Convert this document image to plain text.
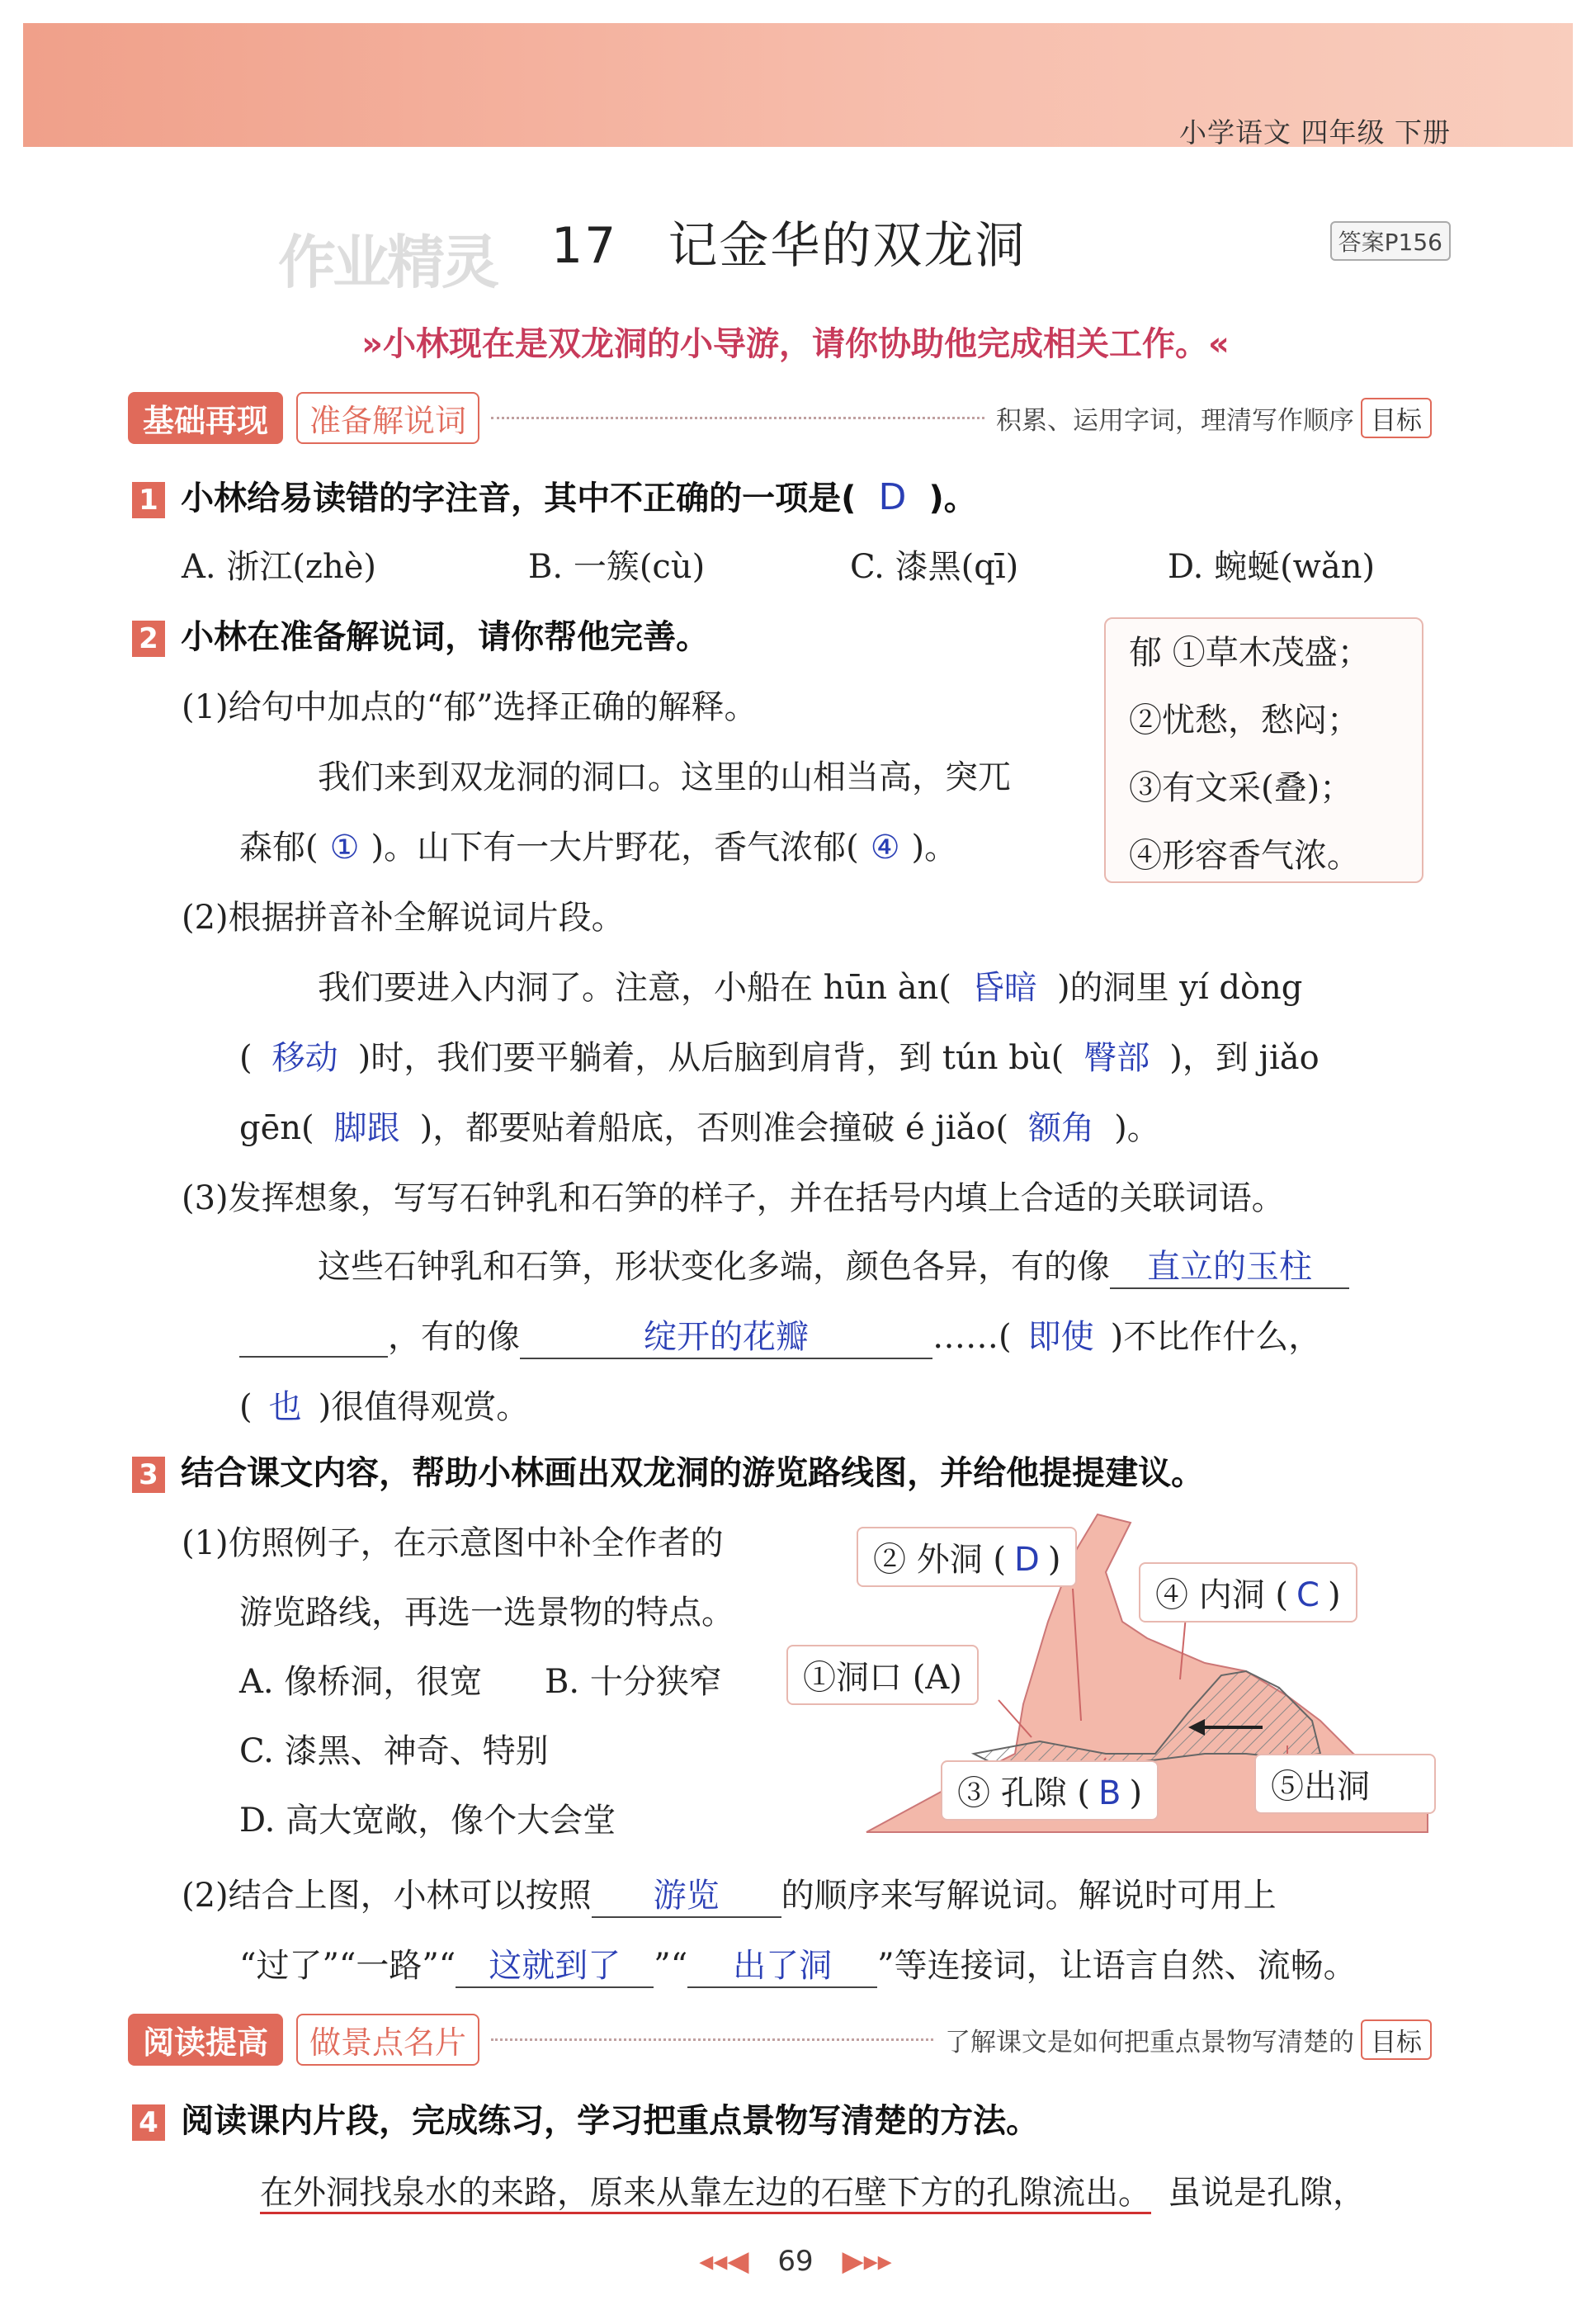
小学语文 四年级 下册
作业精灵 17 记金华的双龙洞	答案P156
»小林现在是双龙洞的小导游，请你协助他完成相关工作。«
基础再现	准备解说词	积累、运用字词，理清写作顺序 目标
1 小林给易读错的字注音，其中不正确的一项是( D )。
A. 浙江(zhè)	B. 一簇(cù)	C. 漆黑(qī)	D. 蜿蜒(wǎn)
2 小林在准备解说词，请你帮他完善。
(1)给句中加点的“郁”选择正确的解释。
我们来到双龙洞的洞口。这里的山相当高，突兀
森郁( ① )。山下有一大片野花，香气浓郁( ④ )。
郁 ①草木茂盛；
②忧愁，愁闷；
③有文采(叠)；
④形容香气浓。
(2)根据拼音补全解说词片段。
我们要进入内洞了。注意，小船在 hūn àn( 昏暗 )的洞里 yí dòng
( 移动 )时，我们要平躺着，从后脑到肩背，到 tún bù( 臀部 )，到 jiǎo
gēn( 脚跟 )，都要贴着船底，否则准会撞破 é jiǎo( 额角 )。
(3)发挥想象，写写石钟乳和石笋的样子，并在括号内填上合适的关联词语。
这些石钟乳和石笋，形状变化多端，颜色各异，有的像 直立的玉柱
，有的像	绽开的花瓣	……( 即使 )不比作什么，
( 也 )很值得观赏。
3 结合课文内容，帮助小林画出双龙洞的游览路线图，并给他提提建议。
(1)仿照例子，在示意图中补全作者的
游览路线，再选一选景物的特点。
A. 像桥洞，很宽 B. 十分狭窄
C. 漆黑、神奇、特别
D. 高大宽敞，像个大会堂
② 外洞 ( D )
④ 内洞 ( C )
①洞口 (A)
③ 孔隙 ( B )	⑤出洞
(2)结合上图，小林可以按照 游览 的顺序来写解说词。解说时可用上
“过了”“一路”“ 这就到了 ”“ 出了洞 ”等连接词，让语言自然、流畅。
阅读提高	做景点名片	了解课文是如何把重点景物写清楚的 目标
4 阅读课内片段，完成练习，学习把重点景物写清楚的方法。
在外洞找泉水的来路，原来从靠左边的石壁下方的孔隙流出。 虽说是孔隙，
◂◂◀ 69 ▶▸▸
